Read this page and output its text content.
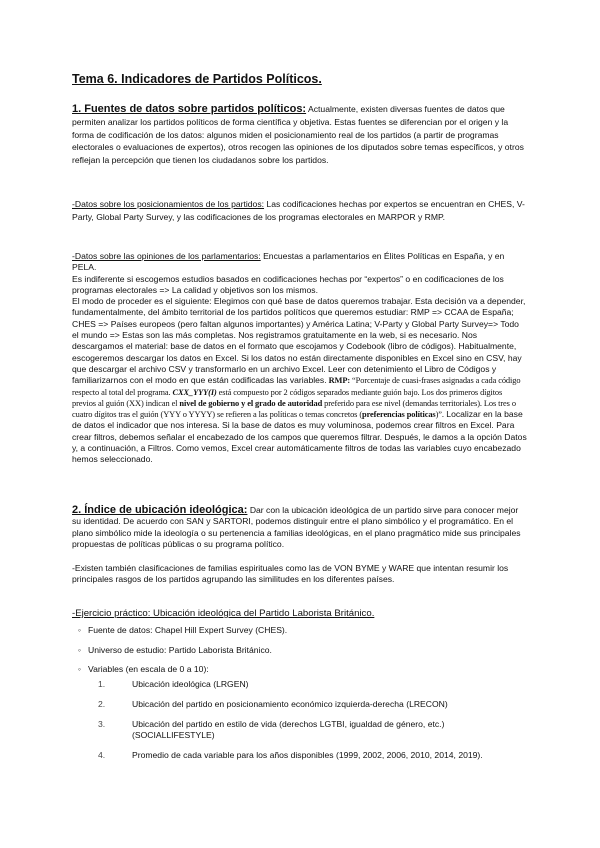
Tema 6. Indicadores de Partidos Políticos.

1. Fuentes de datos sobre partidos políticos: Actualmente, existen diversas fuentes de datos que permiten analizar los partidos políticos de forma científica y objetiva. Estas fuentes se diferencian por el origen y la forma de codificación de los datos: algunos miden el posicionamiento real de los partidos (a partir de programas electorales o evaluaciones de expertos), otros recogen las opiniones de los diputados sobre temas específicos, y otros reflejan la percepción que tienen los ciudadanos sobre los partidos.

-Datos sobre los posicionamientos de los partidos: Las codificaciones hechas por expertos se encuentran en CHES, V-Party, Global Party Survey, y las codificaciones de los programas electorales en MARPOR y RMP.

-Datos sobre las opiniones de los parlamentarios: Encuestas a parlamentarios en Élites Políticas en España, y en PELA.

Es indiferente si escogemos estudios basados en codificaciones hechas por “expertos” o en codificaciones de los programas electorales => La calidad y objetivos son los mismos.

El modo de proceder es el siguiente: Elegimos con qué base de datos queremos trabajar. Esta decisión va a depender, fundamentalmente, del ámbito territorial de los partidos políticos que queremos estudiar: RMP => CCAA de España; CHES => Países europeos (pero faltan algunos importantes) y América Latina; V-Party y Global Party Survey=> Todo el mundo => Estas son las más completas. Nos registramos gratuitamente en la web, si es necesario. Nos descargamos el material: base de datos en el formato que escojamos y Codebook (libro de códigos). Habitualmente, escogeremos descargar los datos en Excel. Si los datos no están directamente disponibles en Excel sino en CSV, hay que descargar el archivo CSV y transformarlo en un archivo Excel. Leer con detenimiento el Libro de Códigos y familiarizarnos con el modo en que están codificadas las variables. RMP: “Porcentaje de cuasi-frases asignadas a cada código respecto al total del programa. CXX_YYY(I) está compuesto por 2 códigos separados mediante guión bajo. Los dos primeros dígitos previos al guión (XX) indican el nivel de gobierno y el grado de autoridad preferido para ese nivel (demandas territoriales). Los tres o cuatro dígitos tras el guión (YYY o YYYY) se refieren a las políticas o temas concretos (preferencias políticas)”. Localizar en la base de datos el indicador que nos interesa. Si la base de datos es muy voluminosa, podemos crear filtros en Excel. Para crear filtros, debemos señalar el encabezado de los campos que queremos filtrar. Después, le damos a la opción Datos y, a continuación, a Filtros. Como vemos, Excel crear automáticamente filtros de todas las variables cuyo encabezado hemos seleccionado.

2. Índice de ubicación ideológica: Dar con la ubicación ideológica de un partido sirve para conocer mejor su identidad. De acuerdo con SAN y SARTORI, podemos distinguir entre el plano simbólico y el programático. En el plano simbólico mide la ideología o su pertenencia a familias ideológicas, en el plano pragmático mide sus principales propuestas de políticas públicas o su programa político.

-Existen también clasificaciones de familias espirituales como las de VON BYME y WARE que intentan resumir los principales rasgos de los partidos agrupando las similitudes en los diferentes países.

-Ejercicio práctico: Ubicación ideológica del Partido Laborista Británico.

◦ Fuente de datos: Chapel Hill Expert Survey (CHES).
◦ Universo de estudio: Partido Laborista Británico.
◦ Variables (en escala de 0 a 10):
1.	Ubicación ideológica (LRGEN)
2.	Ubicación del partido en posicionamiento económico izquierda-derecha (LRECON)
3.	Ubicación del partido en estilo de vida (derechos LGTBI, igualdad de género, etc.) (SOCIALLIFESTYLE)
4.	Promedio de cada variable para los años disponibles (1999, 2002, 2006, 2010, 2014, 2019).
